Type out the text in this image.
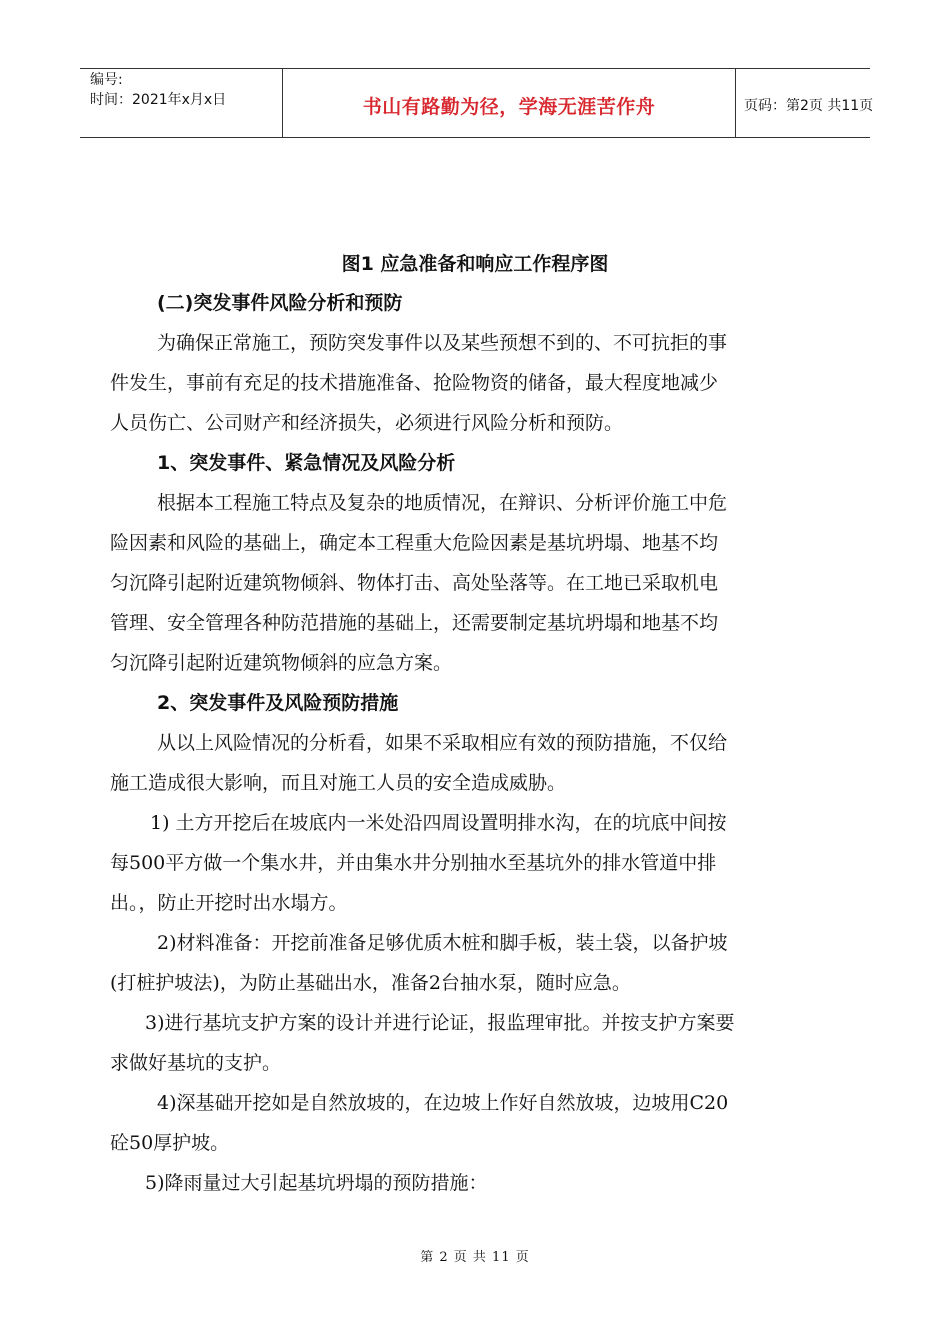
编号:
时间：2021年x月x日	书山有路勤为径，学海无涯苦作舟	页码：第2页 共11页
图1 应急准备和响应工作程序图
(二)突发事件风险分析和预防
为确保正常施工，预防突发事件以及某些预想不到的、不可抗拒的事
件发生，事前有充足的技术措施准备、抢险物资的储备，最大程度地减少
人员伤亡、公司财产和经济损失，必须进行风险分析和预防。
1、突发事件、紧急情况及风险分析
根据本工程施工特点及复杂的地质情况，在辩识、分析评价施工中危
险因素和风险的基础上，确定本工程重大危险因素是基坑坍塌、地基不均
匀沉降引起附近建筑物倾斜、物体打击、高处坠落等。在工地已采取机电
管理、安全管理各种防范措施的基础上，还需要制定基坑坍塌和地基不均
匀沉降引起附近建筑物倾斜的应急方案。
2、突发事件及风险预防措施
从以上风险情况的分析看，如果不采取相应有效的预防措施，不仅给
施工造成很大影响，而且对施工人员的安全造成威胁。
1) 土方开挖后在坡底内一米处沿四周设置明排水沟，在的坑底中间按
每500平方做一个集水井，并由集水井分别抽水至基坑外的排水管道中排
出。，防止开挖时出水塌方。
2)材料准备：开挖前准备足够优质木桩和脚手板，装土袋，以备护坡
(打桩护坡法)，为防止基础出水，准备2台抽水泵，随时应急。
3)进行基坑支护方案的设计并进行论证，报监理审批。并按支护方案要
求做好基坑的支护。
4)深基础开挖如是自然放坡的，在边坡上作好自然放坡，边坡用C20
砼50厚护坡。
5)降雨量过大引起基坑坍塌的预防措施：
第 2 页 共 11 页
